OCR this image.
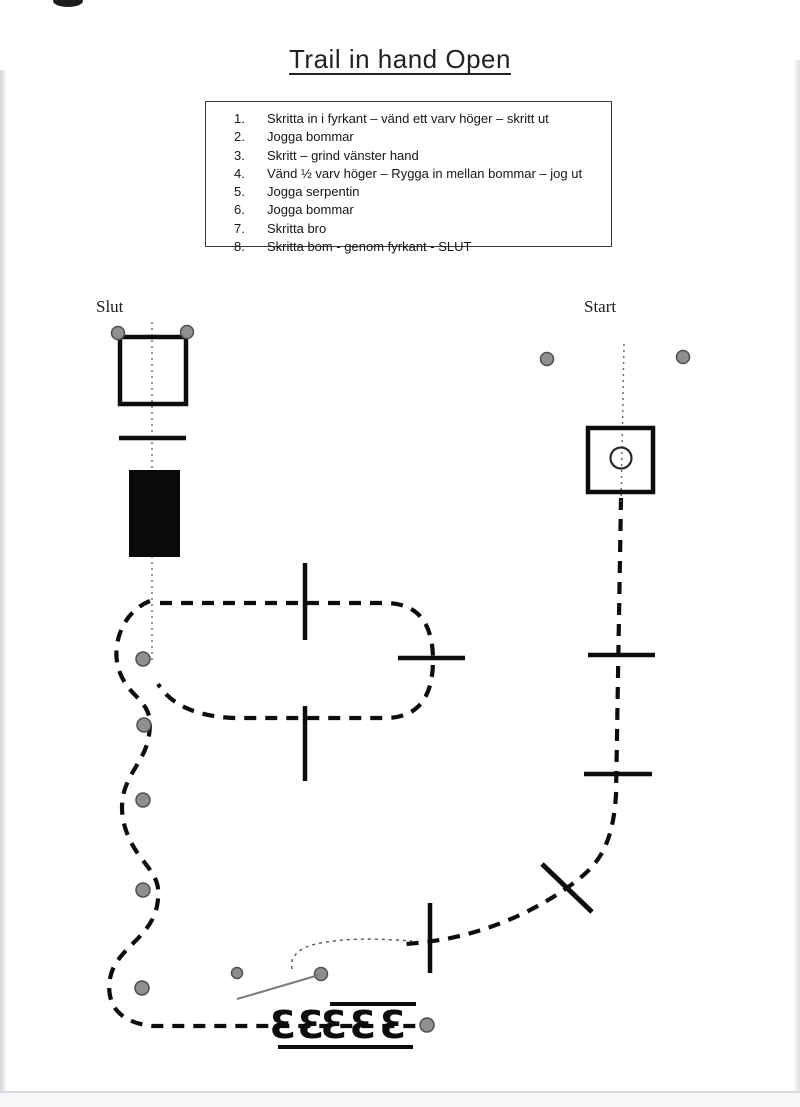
Trail in hand Open
1.	Skritta in i fyrkant – vänd ett varv höger – skritt ut
2.	Jogga bommar
3.	Skritt – grind vänster hand
4.	Vänd ½ varv höger – Rygga in mellan bommar – jog ut
5.	Jogga serpentin
6.	Jogga bommar
7.	Skritta bro
8.	Skritta bom - genom fyrkant - SLUT
Slut	Start
Ɛ Ɛ
Ɛ Ɛ Ɛ
